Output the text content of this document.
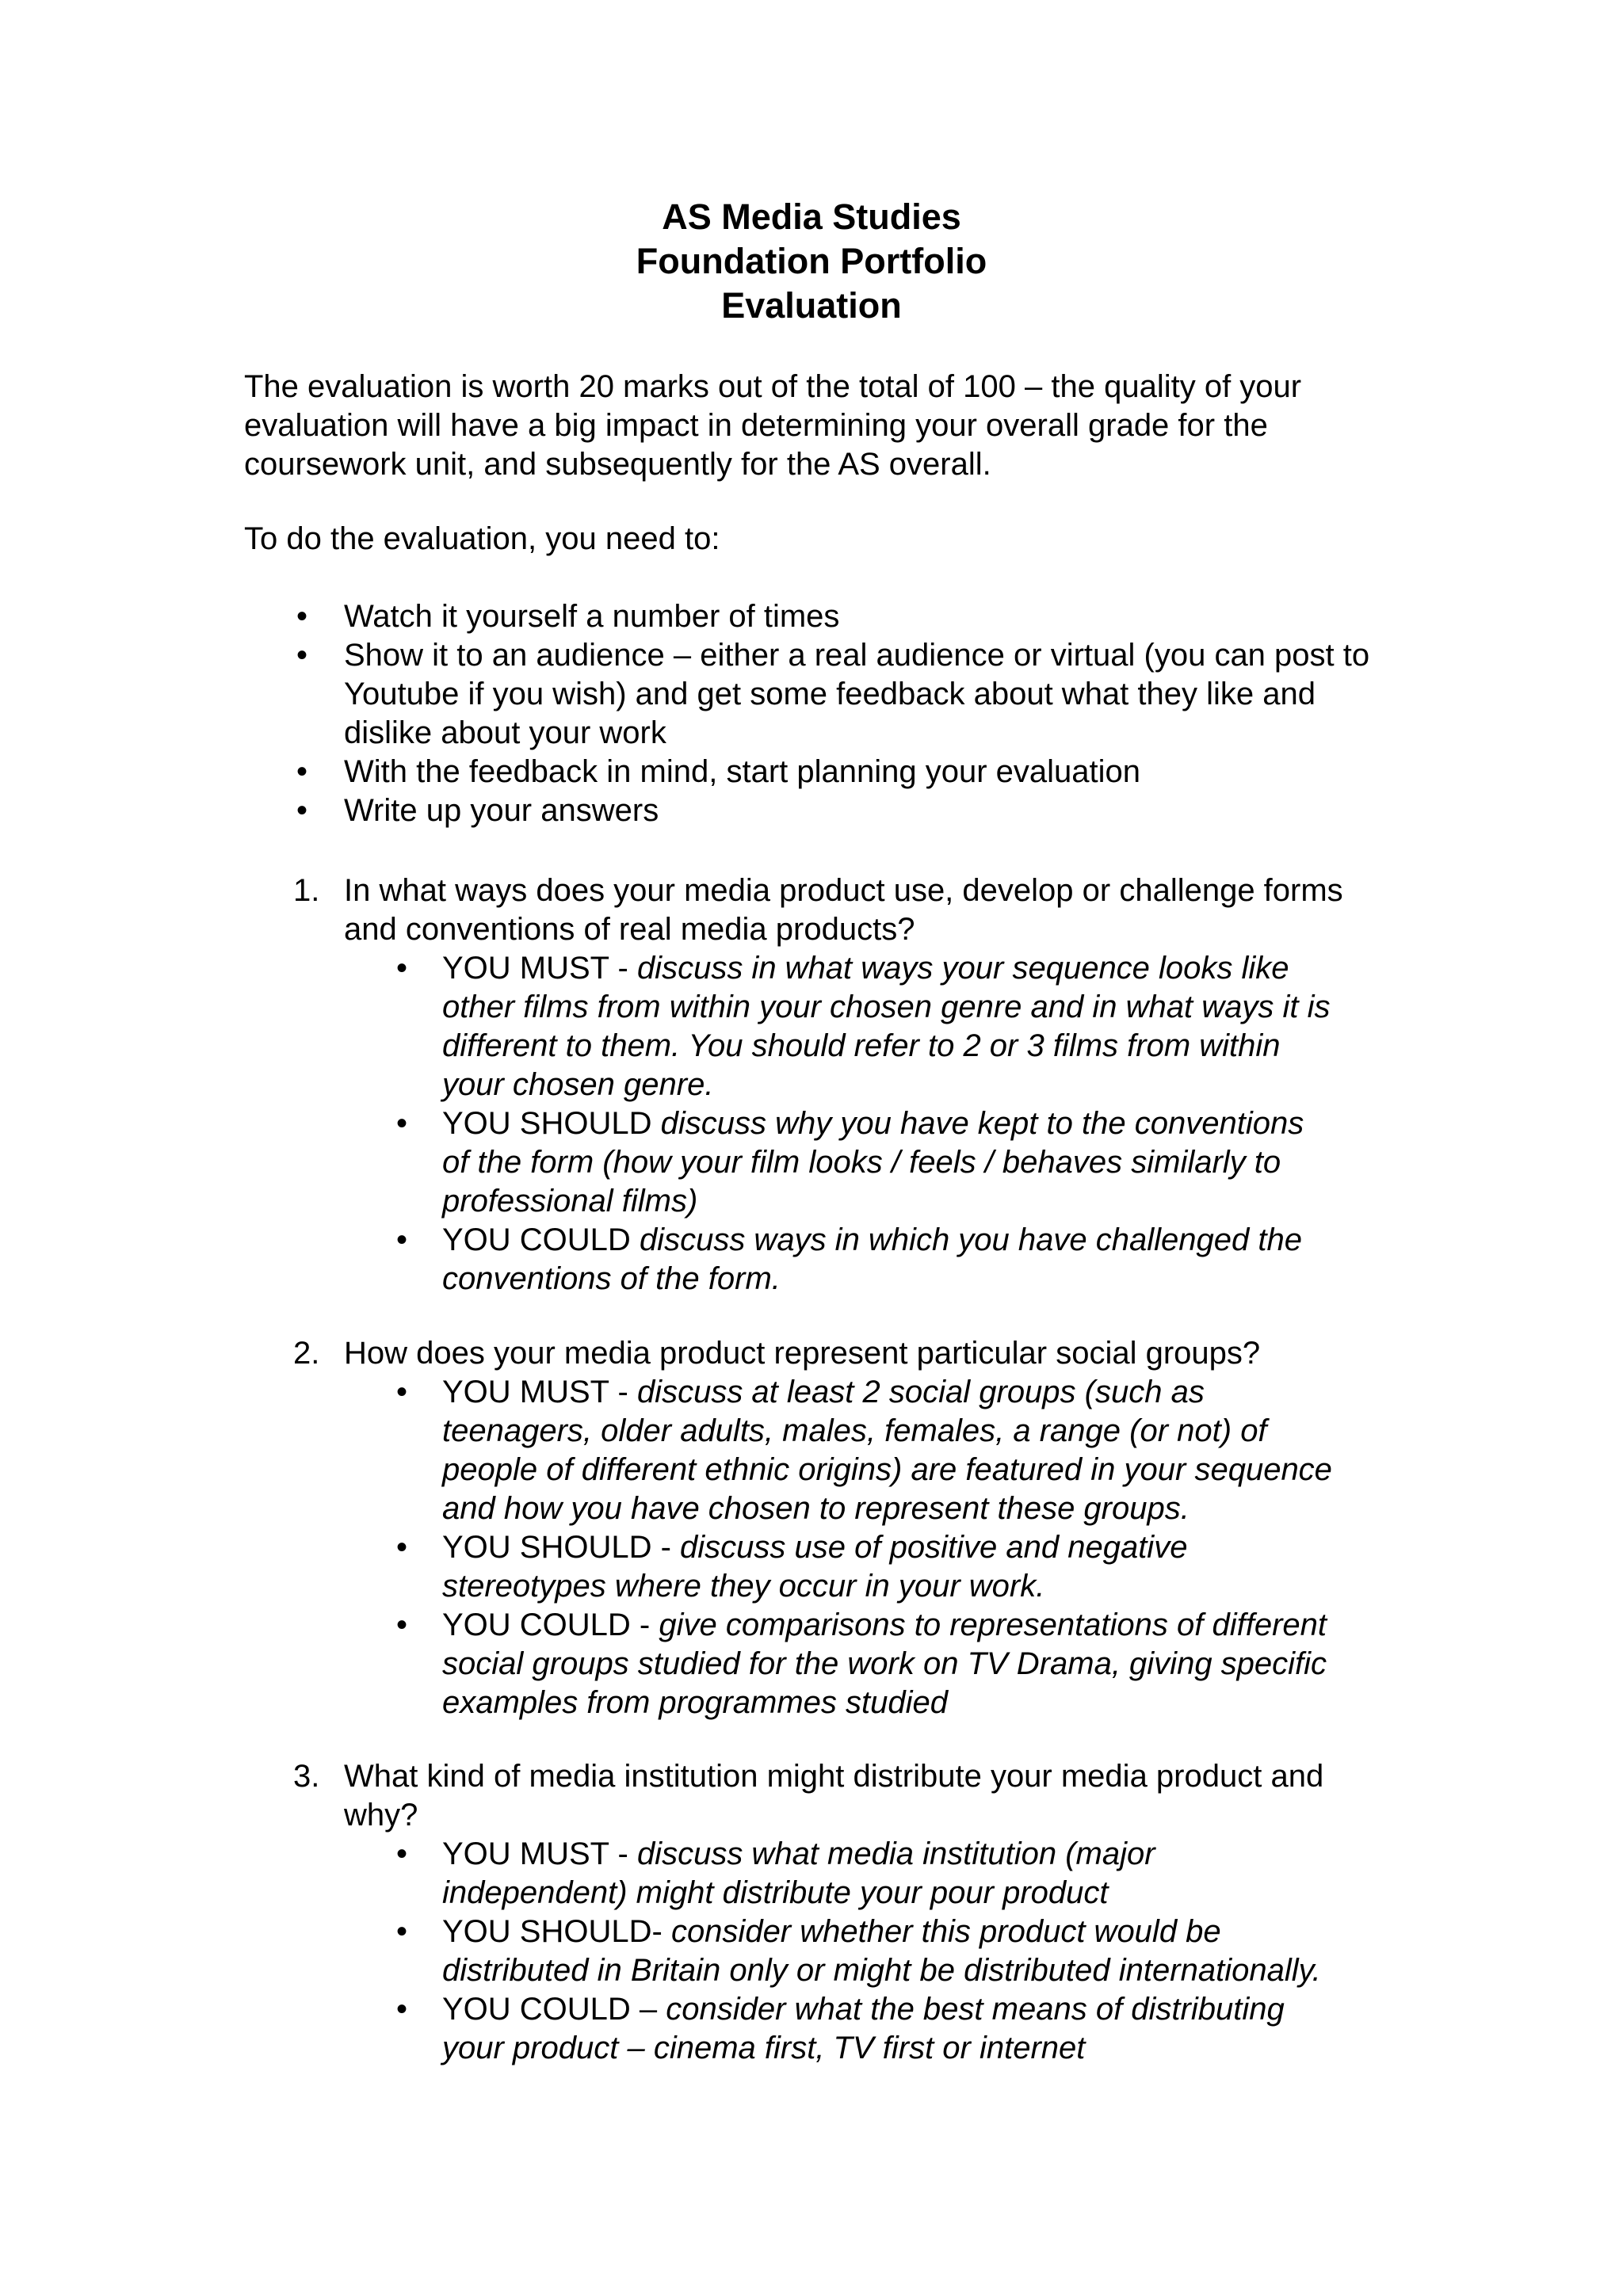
AS Media Studies
Foundation Portfolio
Evaluation
The evaluation is worth 20 marks out of the total of 100 – the quality of your evaluation will have a big impact in determining your overall grade for the coursework unit, and subsequently for the AS overall.
To do the evaluation, you need to:
• Watch it yourself a number of times
• Show it to an audience – either a real audience or virtual (you can post to Youtube if you wish) and get some feedback about what they like and dislike about your work
• With the feedback in mind, start planning your evaluation
• Write up your answers
1. In what ways does your media product use, develop or challenge forms and conventions of real media products?
• YOU MUST - discuss in what ways your sequence looks like other films from within your chosen genre and in what ways it is different to them. You should refer to 2 or 3 films from within your chosen genre.
• YOU SHOULD discuss why you have kept to the conventions of the form (how your film looks / feels / behaves similarly to professional films)
• YOU COULD discuss ways in which you have challenged the conventions of the form.
2. How does your media product represent particular social groups?
• YOU MUST - discuss at least 2 social groups (such as teenagers, older adults, males, females, a range (or not) of people of different ethnic origins) are featured in your sequence and how you have chosen to represent these groups.
• YOU SHOULD - discuss use of positive and negative stereotypes where they occur in your work.
• YOU COULD - give comparisons to representations of different social groups studied for the work on TV Drama, giving specific examples from programmes studied
3. What kind of media institution might distribute your media product and why?
• YOU MUST - discuss what media institution (major independent) might distribute your pour product
• YOU SHOULD- consider whether this product would be distributed in Britain only or might be distributed internationally.
• YOU COULD – consider what the best means of distributing your product – cinema first, TV first or internet
